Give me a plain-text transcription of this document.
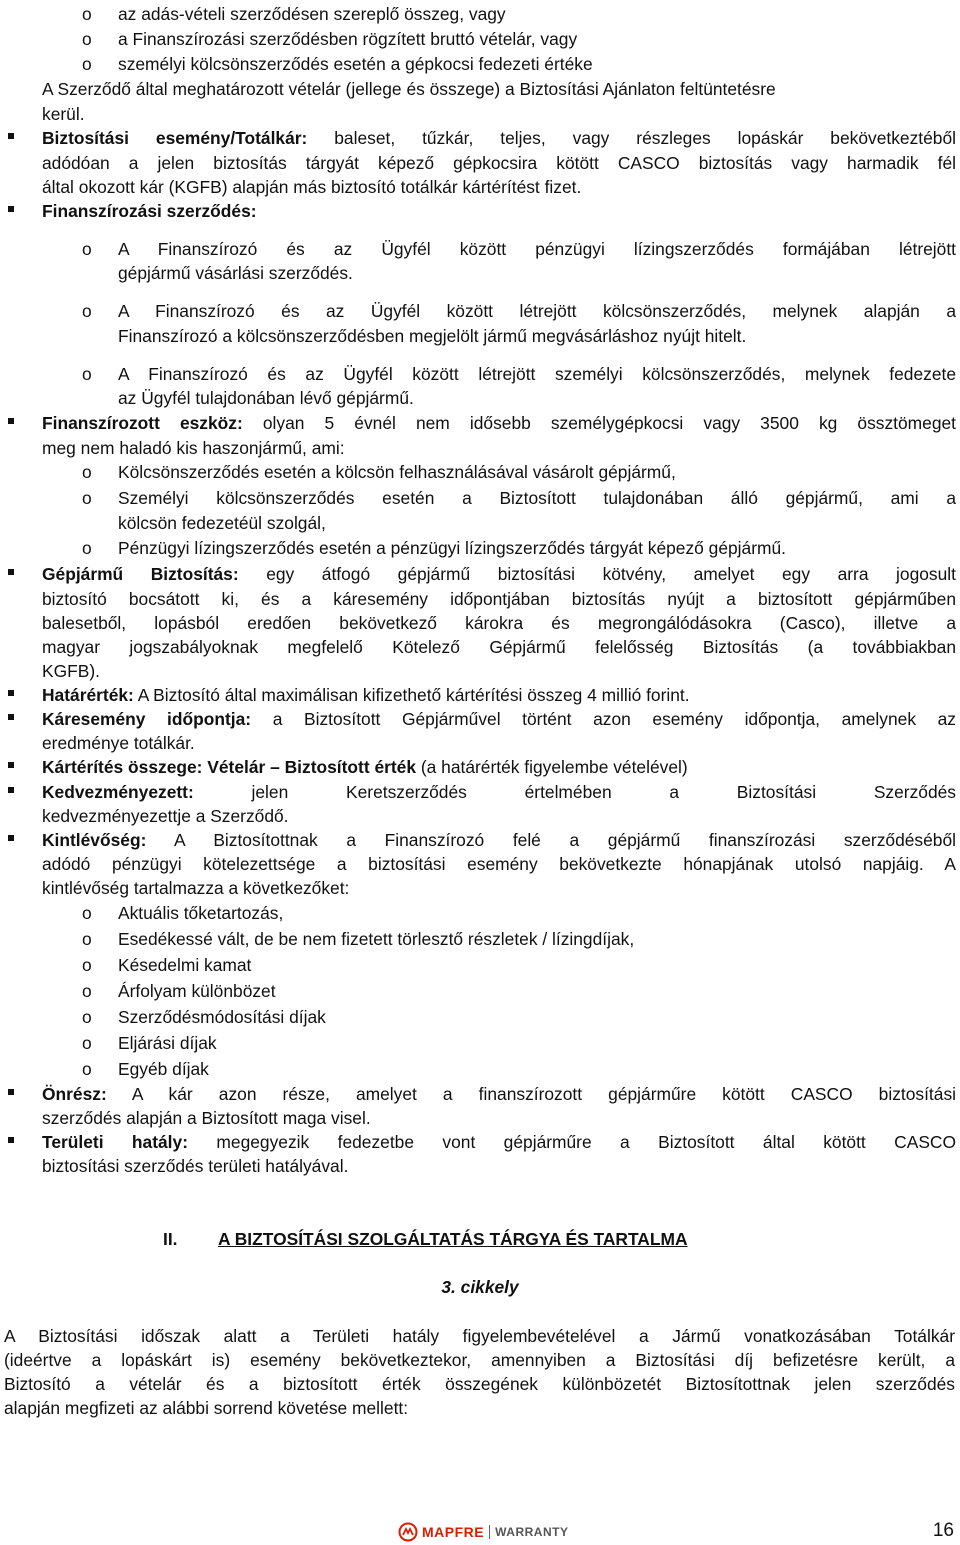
o az adás-vételi szerződésen szereplő összeg, vagy
o a Finanszírozási szerződésben rögzített bruttó vételár, vagy
o személyi kölcsönszerződés esetén a gépkocsi fedezeti értéke
A Szerződő által meghatározott vételár (jellege és összege) a Biztosítási Ajánlaton feltüntetésre
kerül.
Biztosítási esemény/Totálkár: baleset, tűzkár, teljes, vagy részleges lopáskár bekövetkeztéből
adódóan a jelen biztosítás tárgyát képező gépkocsira kötött CASCO biztosítás vagy harmadik fél
által okozott kár (KGFB) alapján más biztosító totálkár kártérítést fizet.
Finanszírozási szerződés:
o A Finanszírozó és az Ügyfél között pénzügyi lízingszerződés formájában létrejött
gépjármű vásárlási szerződés.
o A Finanszírozó és az Ügyfél között létrejött kölcsönszerződés, melynek alapján a
Finanszírozó a kölcsönszerződésben megjelölt jármű megvásárláshoz nyújt hitelt.
o A Finanszírozó és az Ügyfél között létrejött személyi kölcsönszerződés, melynek fedezete
az Ügyfél tulajdonában lévő gépjármű.
Finanszírozott eszköz: olyan 5 évnél nem idősebb személygépkocsi vagy 3500 kg össztömeget
meg nem haladó kis haszonjármű, ami:
o Kölcsönszerződés esetén a kölcsön felhasználásával vásárolt gépjármű,
o Személyi kölcsönszerződés esetén a Biztosított tulajdonában álló gépjármű, ami a
kölcsön fedezetéül szolgál,
o Pénzügyi lízingszerződés esetén a pénzügyi lízingszerződés tárgyát képező gépjármű.
Gépjármű Biztosítás: egy átfogó gépjármű biztosítási kötvény, amelyet egy arra jogosult
biztosító bocsátott ki, és a káresemény időpontjában biztosítás nyújt a biztosított gépjárműben
balesetből, lopásból eredően bekövetkező károkra és megrongálódásokra (Casco), illetve a
magyar jogszabályoknak megfelelő Kötelező Gépjármű felelősség Biztosítás (a továbbiakban
KGFB).
Határérték: A Biztosító által maximálisan kifizethető kártérítési összeg 4 millió forint.
Káresemény időpontja: a Biztosított Gépjárművel történt azon esemény időpontja, amelynek az
eredménye totálkár.
Kártérítés összege: Vételár – Biztosított érték (a határérték figyelembe vételével)
Kedvezményezett:	jelen Keretszerződés értelmében a Biztosítási Szerződés
kedvezményezettje a Szerződő.
Kintlévőség: A Biztosítottnak a Finanszírozó felé a gépjármű finanszírozási szerződéséből
adódó pénzügyi kötelezettsége a biztosítási esemény bekövetkezte hónapjának utolsó napjáig. A
kintlévőség tartalmazza a következőket:
o Aktuális tőketartozás,
o Esedékessé vált, de be nem fizetett törlesztő részletek / lízingdíjak,
o Késedelmi kamat
o Árfolyam különbözet
o Szerződésmódosítási díjak
o Eljárási díjak
o Egyéb díjak
Önrész: A kár azon része, amelyet a finanszírozott gépjárműre kötött CASCO biztosítási
szerződés alapján a Biztosított maga visel.
Területi hatály: megegyezik fedezetbe vont gépjárműre a Biztosított által kötött CASCO
biztosítási szerződés területi hatályával.
II. A BIZTOSÍTÁSI SZOLGÁLTATÁS TÁRGYA ÉS TARTALMA
3. cikkely
A Biztosítási időszak alatt a Területi hatály figyelembevételével a Jármű vonatkozásában Totálkár
(ideértve a lopáskárt is) esemény bekövetkeztekor, amennyiben a Biztosítási díj befizetésre került, a
Biztosító a vételár és a biztosított érték összegének különbözetét Biztosítottnak jelen szerződés
alapján megfizeti az alábbi sorrend követése mellett:
MAPFRE WARRANTY	16
